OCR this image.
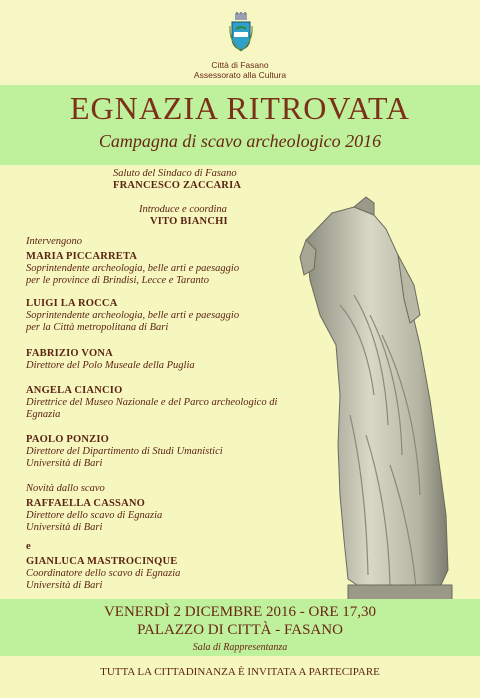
Città di Fasano
Assessorato alla Cultura
EGNAZIA RITROVATA
Campagna di scavo archeologico 2016
Saluto del Sindaco di Fasano
FRANCESCO ZACCARIA
Introduce e coordina
VITO BIANCHI
Intervengono
MARIA PICCARRETA
Soprintendente archeologia, belle arti e paesaggio
per le province di Brindisi, Lecce e Taranto
LUIGI LA ROCCA
Soprintendente archeologia, belle arti e paesaggio
per la Città metropolitana di Bari
FABRIZIO VONA
Direttore del Polo Museale della Puglia
ANGELA CIANCIO
Direttrice del Museo Nazionale e del Parco archeologico di
Egnazia
PAOLO PONZIO
Direttore del Dipartimento di Studi Umanistici
Università di Bari
Novità dallo scavo
RAFFAELLA CASSANO
Direttore dello scavo di Egnazia
Università di Bari
e
GIANLUCA MASTROCINQUE
Coordinatore dello scavo di Egnazia
Università di Bari
VENERDÌ 2 DICEMBRE 2016 - ORE 17,30
PALAZZO DI CITTÀ - FASANO
Sala di Rappresentanza
TUTTA LA CITTADINANZA È INVITATA A PARTECIPARE
